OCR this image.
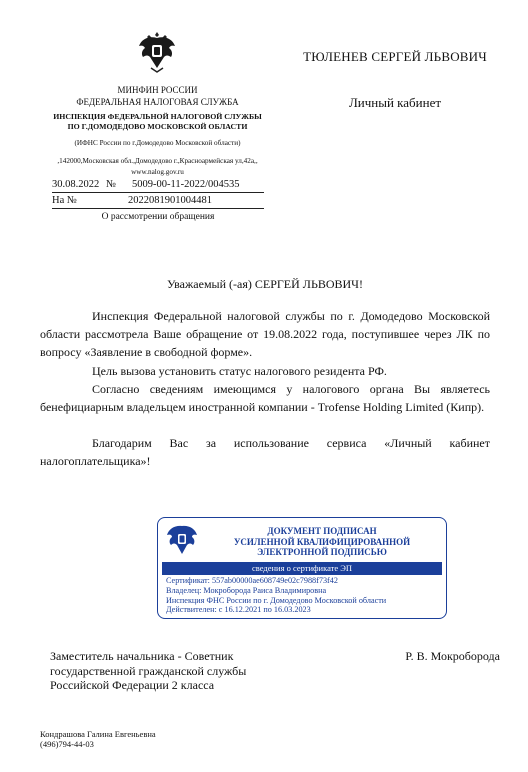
ТЮЛЕНЕВ СЕРГЕЙ ЛЬВОВИЧ
Личный кабинет
МИНФИН РОССИИ
ФЕДЕРАЛЬНАЯ НАЛОГОВАЯ СЛУЖБА
ИНСПЕКЦИЯ ФЕДЕРАЛЬНОЙ НАЛОГОВОЙ СЛУЖБЫ
ПО Г.ДОМОДЕДОВО МОСКОВСКОЙ ОБЛАСТИ
(ИФНС России по г.Домодедово Московской области)
,142000,Московская обл.,Домодедово г.,Красноармейская ул,42а,,
www.nalog.gov.ru
30.08.2022 № 5009-00-11-2022/004535
На №	2022081901004481
О рассмотрении обращения
Уважаемый (-ая) СЕРГЕЙ ЛЬВОВИЧ!

Инспекция Федеральной налоговой службы по г. Домодедово Московской области рассмотрела Ваше обращение от 19.08.2022 года, поступившее через ЛК по вопросу «Заявление в свободной форме».

Цель вызова установить статус налогового резидента РФ.

Согласно сведениям имеющимся у налогового органа Вы являетесь бенефициарным владельцем иностранной компании - Trofense Holding Limited (Кипр).

Благодарим Вас за использование сервиса «Личный кабинет налогоплательщика»!

ДОКУМЕНТ ПОДПИСАН
УСИЛЕННОЙ КВАЛИФИЦИРОВАННОЙ
ЭЛЕКТРОННОЙ ПОДПИСЬЮ
сведения о сертификате ЭП
Сертификат: 557ab00000ae608749e02c7988f73f42
Владелец: Мокроборода Раиса Владимировна
Инспекция ФНС России по г. Домодедово Московской области
Действителен: с 16.12.2021 по 16.03.2023
Заместитель начальника - Советник
государственной гражданской службы
Российской Федерации 2 класса
Р. В. Мокроборода
Кондрашова Галина Евгеньевна
(496)794-44-03
